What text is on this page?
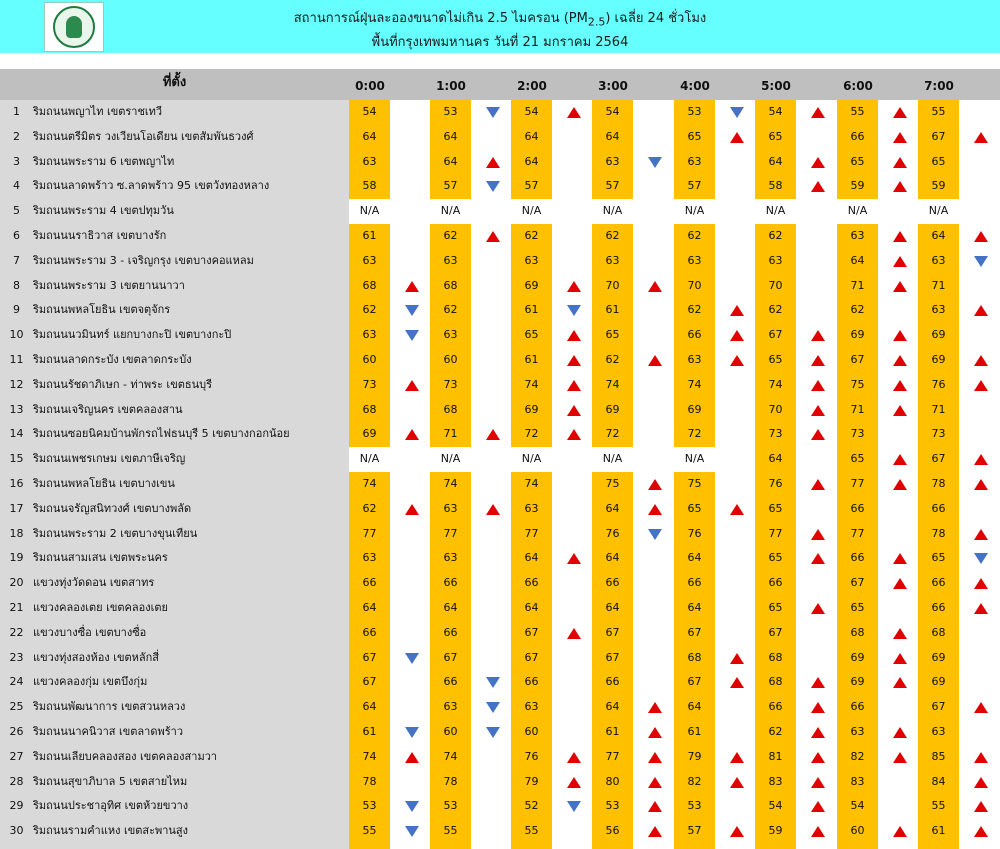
สถานการณ์ฝุ่นละอองขนาดไม่เกิน 2.5 ไมครอน $(PM_{2.5})$ เฉลี่ย 24 ชั่วโมง
พื้นที่กรุงเทพมหานคร วันที่ 21 มกราคม 2564
ที่ตั้ง	0:00	1:00	2:00	3:00	4:00	5:00	6:00	7:00
1	ริมถนนพญาไท เขตราชเทวี	54	53	54	54	53	54	55	55
2	ริมถนนตรีมิตร วงเวียนโอเดียน เขตสัมพันธวงศ์	64	64	64	64	65	65	66	67
3	ริมถนนพระราม 6 เขตพญาไท	63	64	64	63	63	64	65	65
4	ริมถนนลาดพร้าว ซ.ลาดพร้าว 95 เขตวังทองหลาง	58	57	57	57	57	58	59	59
5	ริมถนนพระราม 4 เขตปทุมวัน	N/A	N/A	N/A	N/A	N/A	N/A	N/A	N/A
6	ริมถนนนราธิวาส เขตบางรัก	61	62	62	62	62	62	63	64
7	ริมถนนพระราม 3 - เจริญกรุง เขตบางคอแหลม	63	63	63	63	63	63	64	63
8	ริมถนนพระราม 3 เขตยานนาวา	68	68	69	70	70	70	71	71
9	ริมถนนพหลโยธิน เขตจตุจักร	62	62	61	61	62	62	62	63
10 ริมถนนนวมินทร์ แยกบางกะปิ เขตบางกะปิ	63	63	65	65	66	67	69	69
11 ริมถนนลาดกระบัง เขตลาดกระบัง	60	60	61	62	63	65	67	69
12 ริมถนนรัชดาภิเษก - ท่าพระ เขตธนบุรี	73	73	74	74	74	74	75	76
13 ริมถนนเจริญนคร เขตคลองสาน	68	68	69	69	69	70	71	71
14 ริมถนนซอยนิคมบ้านพักรถไฟธนบุรี 5 เขตบางกอกน้อย	69	71	72	72	72	73	73	73
15 ริมถนนเพชรเกษม เขตภาษีเจริญ	N/A	N/A	N/A	N/A	N/A	64	65	67
16 ริมถนนพหลโยธิน เขตบางเขน	74	74	74	75	75	76	77	78
17 ริมถนนจรัญสนิทวงศ์ เขตบางพลัด	62	63	63	64	65	65	66	66
18 ริมถนนพระราม 2 เขตบางขุนเทียน	77	77	77	76	76	77	77	78
19 ริมถนนสามเสน เขตพระนคร	63	63	64	64	64	65	66	65
20 แขวงทุ่งวัดดอน เขตสาทร	66	66	66	66	66	66	67	66
21 แขวงคลองเตย เขตคลองเตย	64	64	64	64	64	65	65	66
22 แขวงบางซื่อ เขตบางซื่อ	66	66	67	67	67	67	68	68
23 แขวงทุ่งสองห้อง เขตหลักสี่	67	67	67	67	68	68	69	69
24 แขวงคลองกุ่ม เขตบึงกุ่ม	67	66	66	66	67	68	69	69
25 ริมถนนพัฒนาการ เขตสวนหลวง	64	63	63	64	64	66	66	67
26 ริมถนนนาคนิวาส เขตลาดพร้าว	61	60	60	61	61	62	63	63
27 ริมถนนเลียบคลองสอง เขตคลองสามวา	74	74	76	77	79	81	82	85
28 ริมถนนสุขาภิบาล 5 เขตสายไหม	78	78	79	80	82	83	83	84
29 ริมถนนประชาอุทิศ เขตห้วยขวาง	53	53	52	53	53	54	54	55
30 ริมถนนรามคำแหง เขตสะพานสูง	55	55	55	56	57	59	60	61
